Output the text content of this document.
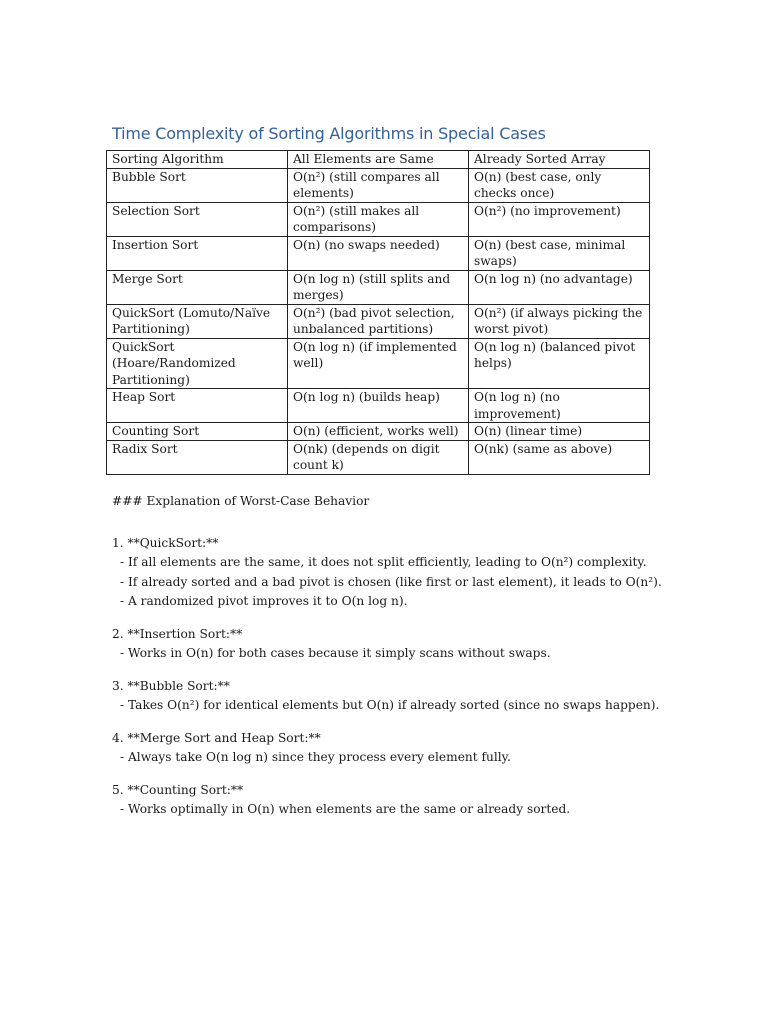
Time Complexity of Sorting Algorithms in Special Cases
Sorting Algorithm	All Elements are Same	Already Sorted Array
Bubble Sort	O(n²) (still compares all elements)	O(n) (best case, only checks once)
Selection Sort	O(n²) (still makes all comparisons)	O(n²) (no improvement)
Insertion Sort	O(n) (no swaps needed)	O(n) (best case, minimal swaps)
Merge Sort	O(n log n) (still splits and merges)	O(n log n) (no advantage)
QuickSort (Lomuto/Naïve Partitioning)	O(n²) (bad pivot selection, unbalanced partitions)	O(n²) (if always picking the worst pivot)
QuickSort (Hoare/Randomized Partitioning)	O(n log n) (if implemented well)	O(n log n) (balanced pivot helps)
Heap Sort	O(n log n) (builds heap)	O(n log n) (no improvement)
Counting Sort	O(n) (efficient, works well)	O(n) (linear time)
Radix Sort	O(nk) (depends on digit count k)	O(nk) (same as above)

### Explanation of Worst-Case Behavior

1. **QuickSort:**

- If all elements are the same, it does not split efficiently, leading to O(n²) complexity.

- If already sorted and a bad pivot is chosen (like first or last element), it leads to O(n²).

- A randomized pivot improves it to O(n log n).

2. **Insertion Sort:**

- Works in O(n) for both cases because it simply scans without swaps.

3. **Bubble Sort:**

- Takes O(n²) for identical elements but O(n) if already sorted (since no swaps happen).

4. **Merge Sort and Heap Sort:**

- Always take O(n log n) since they process every element fully.

5. **Counting Sort:**

- Works optimally in O(n) when elements are the same or already sorted.
